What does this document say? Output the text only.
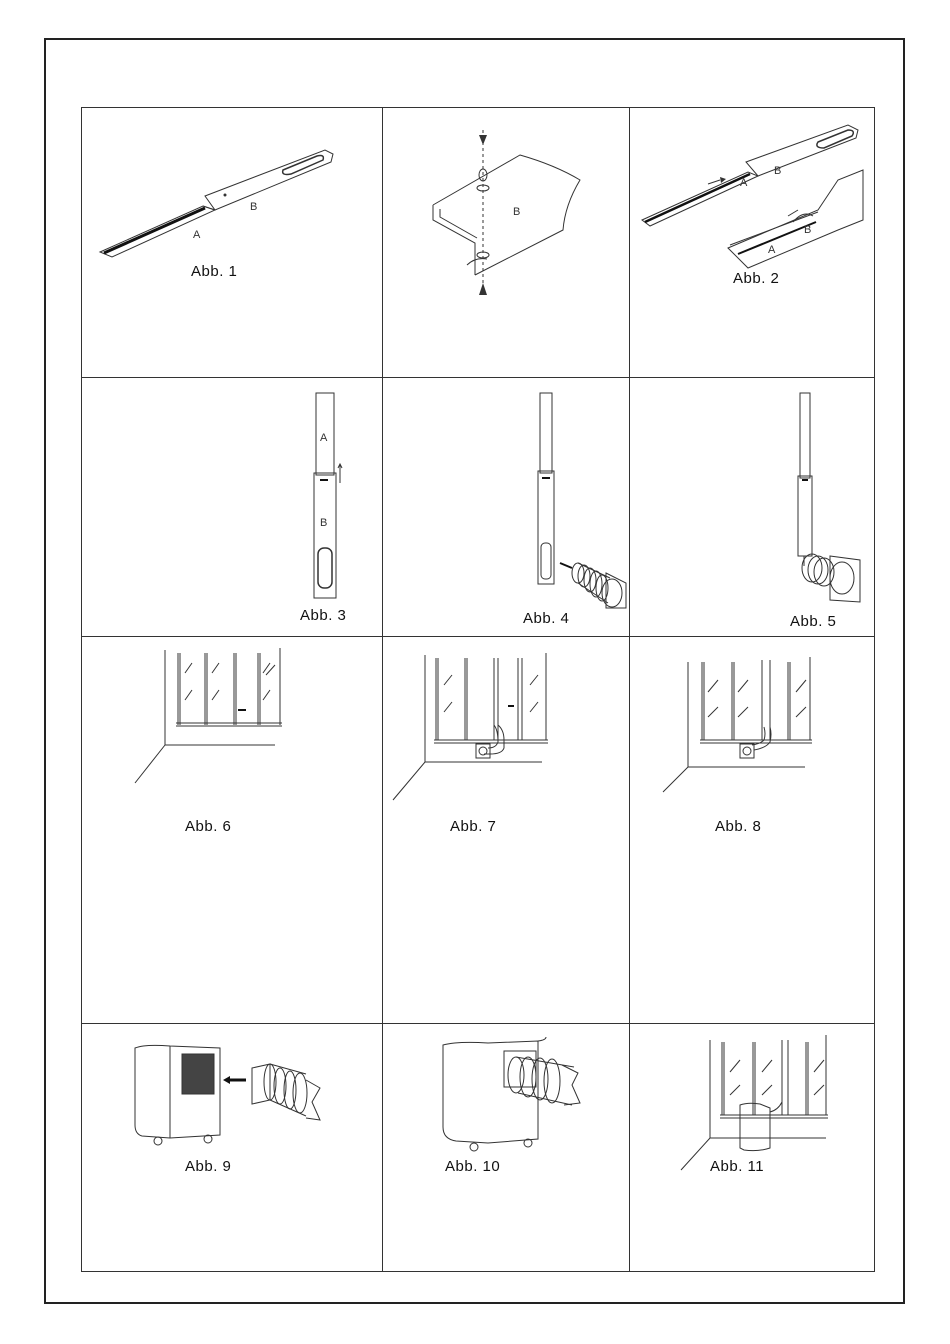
A
B
Abb. 1
B
B
A
A
B
Abb. 2
A
B
Abb. 3	Abb. 4	Abb. 5
Abb. 6	Abb. 7	Abb. 8
Abb. 9	Abb. 10	Abb. 11
